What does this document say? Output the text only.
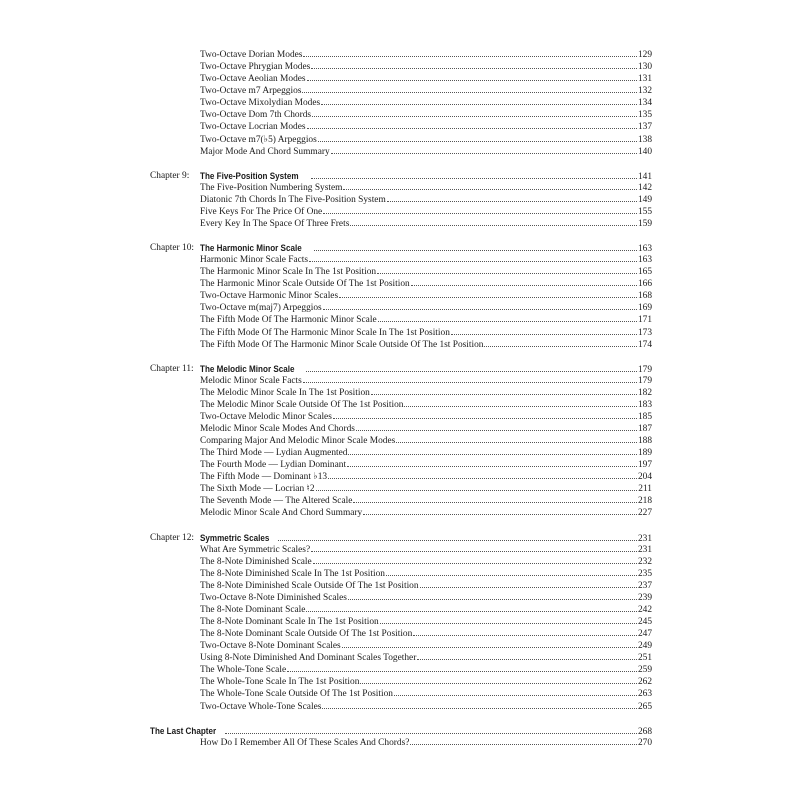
Two-Octave Dorian Modes	129
Two-Octave Phrygian Modes	130
Two-Octave Aeolian Modes	131
Two-Octave m7 Arpeggios	132
Two-Octave Mixolydian Modes	134
Two-Octave Dom 7th Chords	135
Two-Octave Locrian Modes	137
Two-Octave m7(♭5) Arpeggios	138
Major Mode And Chord Summary	140
Chapter 9: The Five-Position System	141
The Five-Position Numbering System	142
Diatonic 7th Chords In The Five-Position System	149
Five Keys For The Price Of One	155
Every Key In The Space Of Three Frets	159
Chapter 10: The Harmonic Minor Scale	163
Harmonic Minor Scale Facts	163
The Harmonic Minor Scale In The 1st Position	165
The Harmonic Minor Scale Outside Of The 1st Position	166
Two-Octave Harmonic Minor Scales	168
Two-Octave m(maj7) Arpeggios	169
The Fifth Mode Of The Harmonic Minor Scale	171
The Fifth Mode Of The Harmonic Minor Scale In The 1st Position	173
The Fifth Mode Of The Harmonic Minor Scale Outside Of The 1st Position	174
Chapter 11: The Melodic Minor Scale	179
Melodic Minor Scale Facts	179
The Melodic Minor Scale In The 1st Position	182
The Melodic Minor Scale Outside Of The 1st Position	183
Two-Octave Melodic Minor Scales	185
Melodic Minor Scale Modes And Chords	187
Comparing Major And Melodic Minor Scale Modes	188
The Third Mode — Lydian Augmented	189
The Fourth Mode — Lydian Dominant	197
The Fifth Mode — Dominant ♭13	204
The Sixth Mode — Locrian ♮2	211
The Seventh Mode — The Altered Scale	218
Melodic Minor Scale And Chord Summary	227
Chapter 12: Symmetric Scales	231
What Are Symmetric Scales?	231
The 8-Note Diminished Scale	232
The 8-Note Diminished Scale In The 1st Position	235
The 8-Note Diminished Scale Outside Of The 1st Position	237
Two-Octave 8-Note Diminished Scales	239
The 8-Note Dominant Scale	242
The 8-Note Dominant Scale In The 1st Position	245
The 8-Note Dominant Scale Outside Of The 1st Position	247
Two-Octave 8-Note Dominant Scales	249
Using 8-Note Diminished And Dominant Scales Together	251
The Whole-Tone Scale	259
The Whole-Tone Scale In The 1st Position	262
The Whole-Tone Scale Outside Of The 1st Position	263
Two-Octave Whole-Tone Scales	265
The Last Chapter	268
How Do I Remember All Of These Scales And Chords?	270
